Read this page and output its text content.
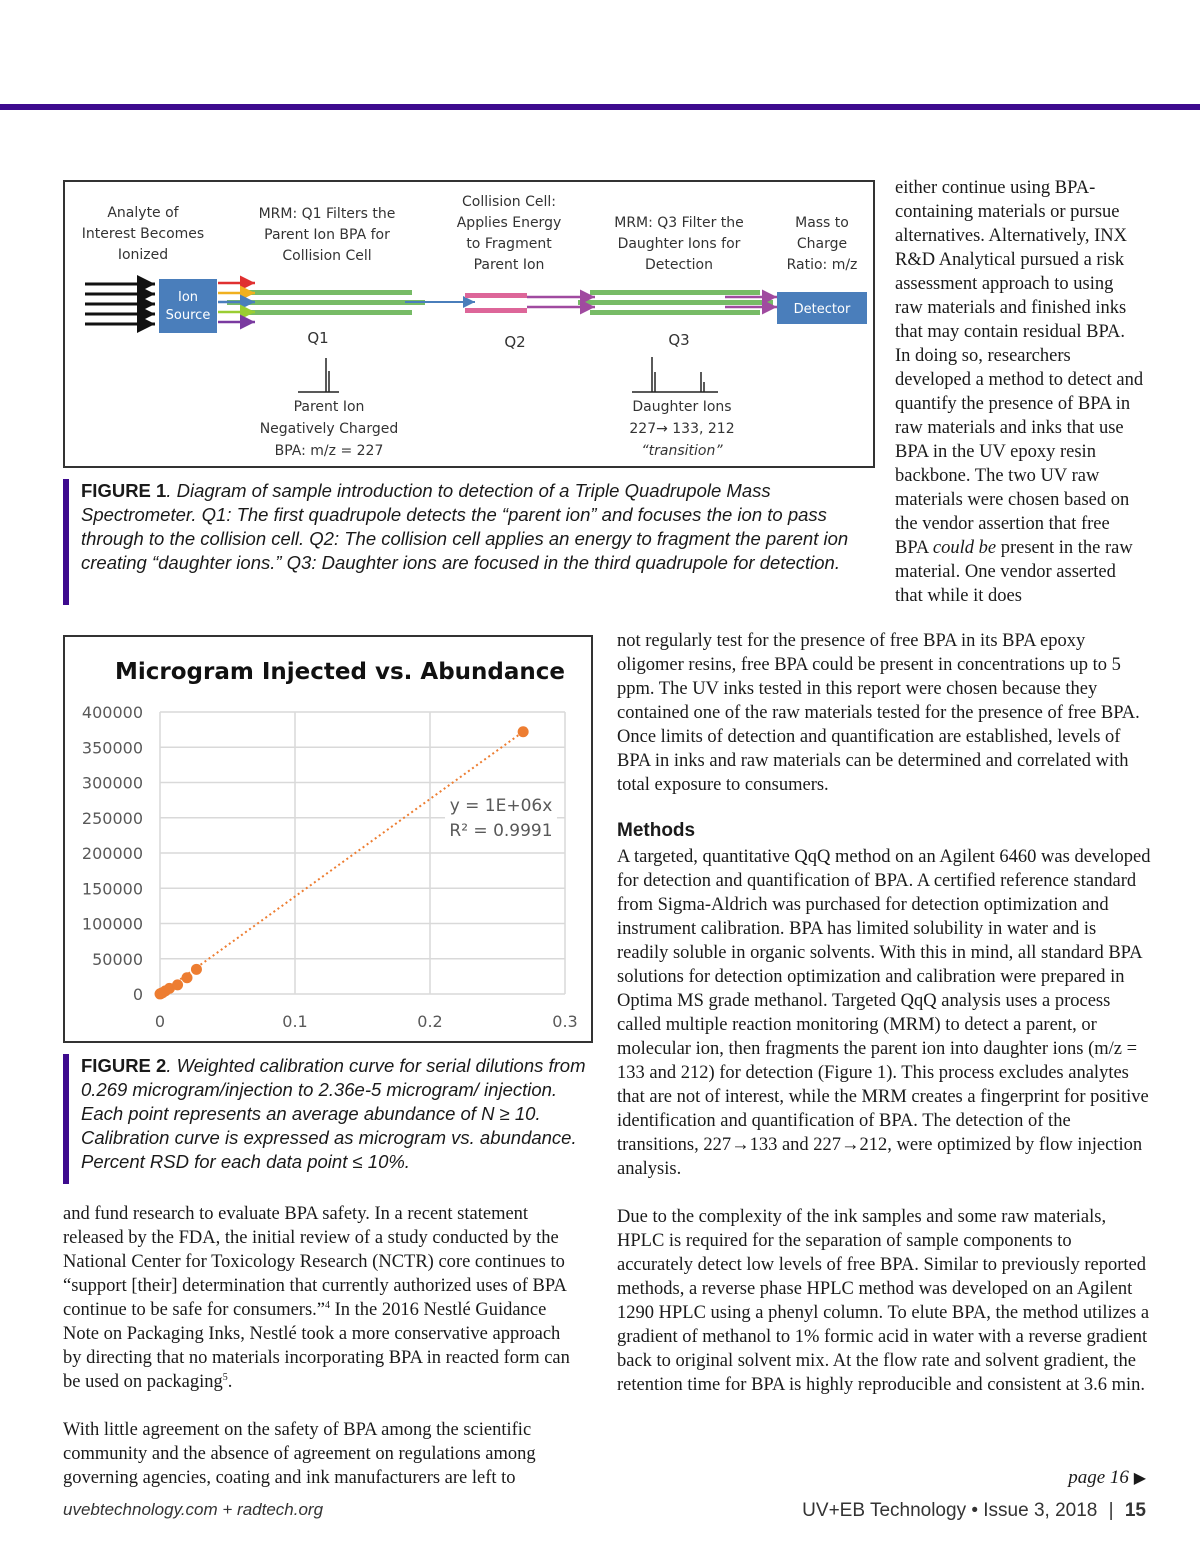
Analyte of
Interest Becomes
Ionized
MRM: Q1 Filters the
Parent Ion BPA for
Collision Cell
Collision Cell:
Applies Energy
to Fragment
Parent Ion
MRM: Q3 Filter the
Daughter Ions for
Detection
Mass to
Charge
Ratio: m/z
Ion
Source	Detector
Q1	Q2	Q3
Parent Ion
Negatively Charged
BPA: m/z = 227
Daughter Ions
227→ 133, 212
“transition”
FIGURE 1. Diagram of sample introduction to detection of a Triple Quadrupole Mass Spectrometer. Q1: The first quadrupole detects the “parent ion” and focuses the ion to pass through to the collision cell. Q2: The collision cell applies an energy to fragment the parent ion creating “daughter ions.” Q3: Daughter ions are focused in the third quadrupole for detection.
Microgram Injected vs. Abundance
0
50000
100000
150000
200000
250000
300000
350000
400000
0	0.1	0.2	0.3
y = 1E+06x
R² = 0.9991
FIGURE 2. Weighted calibration curve for serial dilutions from 0.269 microgram/injection to 2.36e-5 microgram/ injection. Each point represents an average abundance of N ≥ 10. Calibration curve is expressed as microgram vs. abundance. Percent RSD for each data point ≤ 10%.

either continue using BPA-containing materials or pursue alternatives. Alternatively, INX R&D Analytical pursued a risk assessment approach to using raw materials and finished inks that may contain residual BPA. In doing so, researchers developed a method to detect and quantify the presence of BPA in raw materials and inks that use BPA in the UV epoxy resin backbone. The two UV raw materials were chosen based on the vendor assertion that free BPA could be present in the raw material. One vendor asserted that while it does

not regularly test for the presence of free BPA in its BPA epoxy oligomer resins, free BPA could be present in concentrations up to 5 ppm. The UV inks tested in this report were chosen because they contained one of the raw materials tested for the presence of free BPA. Once limits of detection and quantification are established, levels of BPA in inks and raw materials can be determined and correlated with total exposure to consumers.

Methods

A targeted, quantitative QqQ method on an Agilent 6460 was developed for detection and quantification of BPA. A certified reference standard from Sigma-Aldrich was purchased for detection optimization and instrument calibration. BPA has limited solubility in water and is readily soluble in organic solvents. With this in mind, all standard BPA solutions for detection optimization and calibration were prepared in Optima MS grade methanol. Targeted QqQ analysis uses a process called multiple reaction monitoring (MRM) to detect a parent, or molecular ion, then fragments the parent ion into daughter ions (m/z = 133 and 212) for detection (Figure 1). This process excludes analytes that are not of interest, while the MRM creates a fingerprint for positive identification and quantification of BPA. The detection of the transitions, 227→133 and 227→212, were optimized by flow injection analysis.

Due to the complexity of the ink samples and some raw materials, HPLC is required for the separation of sample components to accurately detect low levels of free BPA. Similar to previously reported methods, a reverse phase HPLC method was developed on an Agilent 1290 HPLC using a phenyl column. To elute BPA, the method utilizes a gradient of methanol to 1% formic acid in water with a reverse gradient back to original solvent mix. At the flow rate and solvent gradient, the retention time for BPA is highly reproducible and consistent at 3.6 min.

and fund research to evaluate BPA safety. In a recent statement released by the FDA, the initial review of a study conducted by the National Center for Toxicology Research (NCTR) core continues to “support [their] determination that currently authorized uses of BPA continue to be safe for consumers.”$^4$ In the 2016 Nestlé Guidance Note on Packaging Inks, Nestlé took a more conservative approach by directing that no materials incorporating BPA in reacted form can be used on packaging$^5$.

With little agreement on the safety of BPA among the scientific community and the absence of agreement on regulations among governing agencies, coating and ink manufacturers are left to	page 16 ▶
uvebtechnology.com + radtech.org	UV+EB Technology • Issue 3, 2018 | 15
